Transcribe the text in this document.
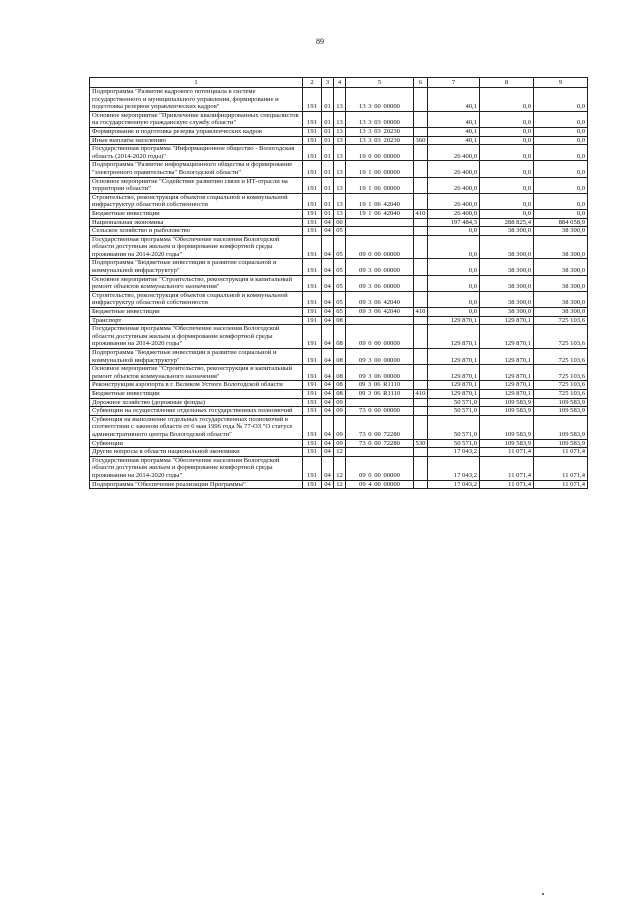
89
1	2	3	4	5	6	7	8	9
Подпрограмма "Развитие кадрового потенциала в системе государственного и муниципального управления, формирование и подготовка резервов управленческих кадров"	191	01	13	13 3 00 00000		40,1	0,0	0,0
Основное мероприятие "Привлечение квалифицированных специалистов на государственную гражданскую службу области"	191	01	13	13 3 03 00000		40,1	0,0	0,0
Формирование и подготовка резерва управленческих кадров	191	01	13	13 3 03 20230		40,1	0,0	0,0
Иные выплаты населению	191	01	13	13 3 03 20230	360	40,1	0,0	0,0
Государственная программа "Информационное общество - Вологодская область (2014-2020 годы)"	191	01	13	19 0 00 00000		26 400,0	0,0	0,0
Подпрограмма "Развитие информационного общества и формирование "электронного правительства" Вологодской области"	191	01	13	19 1 00 00000		26 400,0	0,0	0,0
Основное мероприятие "Содействие развитию связи и ИТ-отрасли на территории области"	191	01	13	19 1 06 00000		26 400,0	0,0	0,0
Строительство, реконструкция объектов социальной и коммунальной инфраструктур областной собственности	191	01	13	19 1 06 42040		26 400,0	0,0	0,0
Бюджетные инвестиции	191	01	13	19 1 06 42040	410	26 400,0	0,0	0,0
Национальная экономика	191	04	00			197 484,3	288 825,4	884 058,9
Сельское хозяйство и рыболовство	191	04	05			0,0	38 300,0	38 300,0
Государственная программа "Обеспечение населения Вологодской области доступным жильем и формирование комфортной среды проживания на 2014-2020 годы"	191	04	05	09 0 00 00000		0,0	38 300,0	38 300,0
Подпрограмма "Бюджетные инвестиции в развитие социальной и коммунальной инфраструктур"	191	04	05	09 3 00 00000		0,0	38 300,0	38 300,0
Основное мероприятие "Строительство, реконструкция и капитальный ремонт объектов коммунального назначения"	191	04	05	09 3 06 00000		0,0	38 300,0	38 300,0
Строительство, реконструкция объектов социальной и коммунальной инфраструктур областной собственности	191	04	05	09 3 06 42040		0,0	38 300,0	38 300,0
Бюджетные инвестиции	191	04	05	09 3 06 42040	410	0,0	38 300,0	38 300,0
Транспорт	191	04	08			129 870,1	129 870,1	725 103,6
Государственная программа "Обеспечение населения Вологодской области доступным жильем и формирование комфортной среды проживания на 2014-2020 годы"	191	04	08	09 0 00 00000		129 870,1	129 870,1	725 103,6
Подпрограмма "Бюджетные инвестиции в развитие социальной и коммунальной инфраструктур"	191	04	08	09 3 00 00000		129 870,1	129 870,1	725 103,6
Основное мероприятие "Строительство, реконструкция и капитальный ремонт объектов коммунального назначения"	191	04	08	09 3 06 00000		129 870,1	129 870,1	725 103,6
Реконструкция аэропорта в г. Великом Устюге Вологодской области	191	04	08	09 3 06 R1110		129 870,1	129 870,1	725 103,6
Бюджетные инвестиции	191	04	08	09 3 06 R1110	410	129 870,1	129 870,1	725 103,6
Дорожное хозяйство (дорожные фонды)	191	04	09			50 571,0	109 583,9	109 583,9
Субвенции на осуществление отдельных государственных полномочий	191	04	09	73 0 00 00000		50 571,0	109 583,9	109 583,9
Субвенция на выполнение отдельных государственных полномочий в соответствии с законом области от 6 мая 1996 года № 77-ОЗ "О статусе административного центра Вологодской области"	191	04	09	73 0 00 72280		50 571,0	109 583,9	109 583,9
Субвенции	191	04	09	73 0 00 72280	530	50 571,0	109 583,9	109 583,9
Другие вопросы в области национальной экономики	191	04	12			17 043,2	11 071,4	11 071,4
Государственная программа "Обеспечение населения Вологодской области доступным жильем и формирование комфортной среды проживания на 2014-2020 годы"	191	04	12	09 0 00 00000		17 043,2	11 071,4	11 071,4
Подпрограмма "Обеспечение реализации Программы"	191	04	12	09 4 00 00000		17 043,2	11 071,4	11 071,4
